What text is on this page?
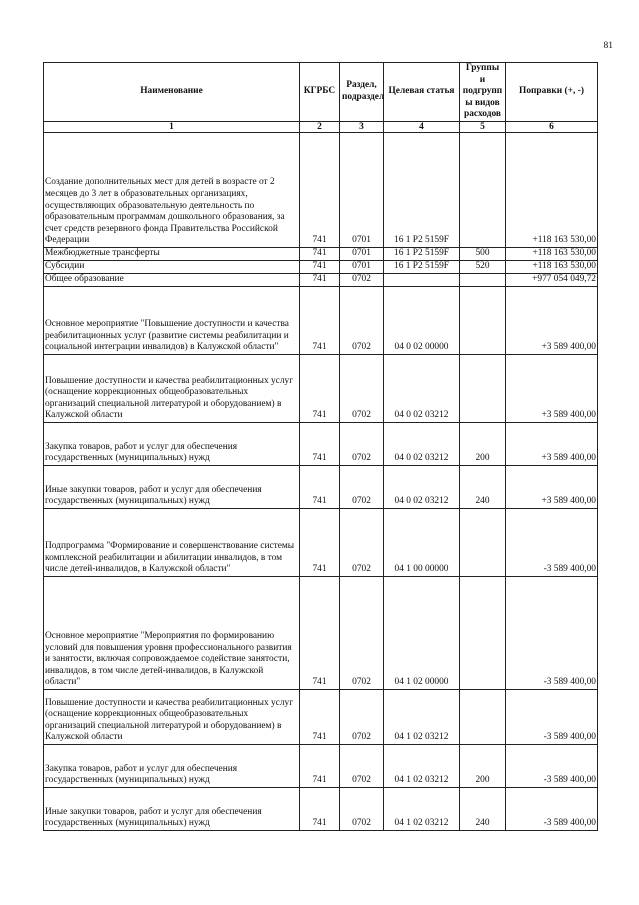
81
Наименование	КГРБС	Раздел, подраздел	Целевая статья	Группы и подгрупп ы видов расходов	Поправки (+, -)
1	2	3	4	5	6
Создание дополнительных мест для детей в возрасте от 2 месяцев до 3 лет в образовательных организациях, осуществляющих образовательную деятельность по образовательным программам дошкольного образования, за счет средств резервного фонда Правительства Российской Федерации	741	0701	16 1 Р2 5159F		+118 163 530,00
Межбюджетные трансферты	741	0701	16 1 Р2 5159F	500	+118 163 530,00
Субсидии	741	0701	16 1 Р2 5159F	520	+118 163 530,00
Общее образование	741	0702			+977 054 049,72
Основное мероприятие "Повышение доступности и качества реабилитационных услуг (развитие системы реабилитации и социальной интеграции инвалидов) в Калужской области"	741	0702	04 0 02 00000		+3 589 400,00
Повышение доступности и качества реабилитационных услуг (оснащение коррекционных общеобразовательных организаций специальной литературой и оборудованием) в Калужской области	741	0702	04 0 02 03212		+3 589 400,00
Закупка товаров, работ и услуг для обеспечения государственных (муниципальных) нужд	741	0702	04 0 02 03212	200	+3 589 400,00
Иные закупки товаров, работ и услуг для обеспечения государственных (муниципальных) нужд	741	0702	04 0 02 03212	240	+3 589 400,00
Подпрограмма "Формирование и совершенствование системы комплексной реабилитации и абилитации инвалидов, в том числе детей-инвалидов, в Калужской области"	741	0702	04 1 00 00000		-3 589 400,00
Основное мероприятие "Мероприятия по формированию условий для повышения уровня профессионального развития и занятости, включая сопровождаемое содействие занятости, инвалидов, в том числе детей-инвалидов, в Калужской области"	741	0702	04 1 02 00000		-3 589 400,00
Повышение доступности и качества реабилитационных услуг (оснащение коррекционных общеобразовательных организаций специальной литературой и оборудованием) в Калужской области	741	0702	04 1 02 03212		-3 589 400,00
Закупка товаров, работ и услуг для обеспечения государственных (муниципальных) нужд	741	0702	04 1 02 03212	200	-3 589 400,00
Иные закупки товаров, работ и услуг для обеспечения государственных (муниципальных) нужд	741	0702	04 1 02 03212	240	-3 589 400,00
